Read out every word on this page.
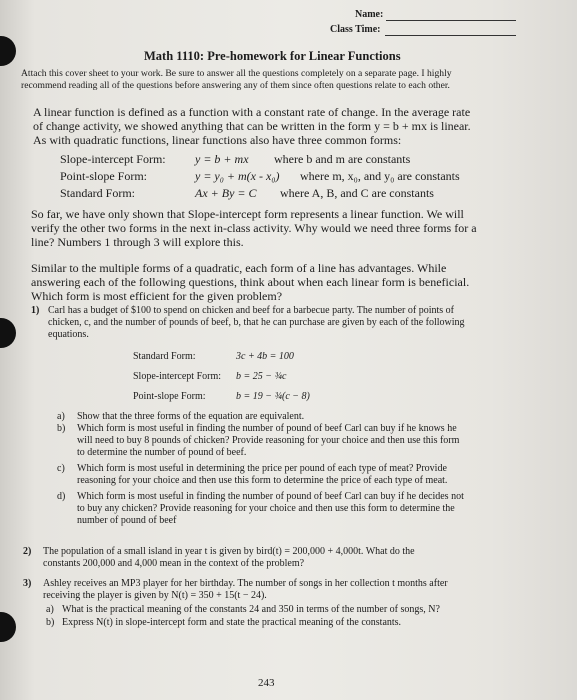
Name:
Class Time:
Math 1110: Pre-homework for Linear Functions
Attach this cover sheet to your work. Be sure to answer all the questions completely on a separate page. I highly
recommend reading all of the questions before answering any of them since often questions relate to each other.
A linear function is defined as a function with a constant rate of change. In the average rate
of change activity, we showed anything that can be written in the form y = b + mx is linear.
As with quadratic functions, linear functions also have three common forms:
Slope-intercept Form: y = b + mx where b and m are constants
Point-slope Form:	y = y₀ + m(x - x₀) where m, x₀, and y₀ are constants
Standard Form:	Ax + By = C where A, B, and C are constants
So far, we have only shown that Slope-intercept form represents a linear function. We will
verify the other two forms in the next in-class activity. Why would we need three forms for a
line? Numbers 1 through 3 will explore this.
Similar to the multiple forms of a quadratic, each form of a line has advantages. While
answering each of the following questions, think about when each linear form is beneficial.
Which form is most efficient for the given problem?
1) Carl has a budget of $100 to spend on chicken and beef for a barbecue party. The number of points of
chicken, c, and the number of pounds of beef, b, that he can purchase are given by each of the following
equations.
Standard Form:	3c + 4b = 100
Slope-intercept Form: b = 25 − ¾c
Point-slope Form:	b = 19 − ¾(c − 8)
a) Show that the three forms of the equation are equivalent.
b) Which form is most useful in finding the number of pound of beef Carl can buy if he knows he
will need to buy 8 pounds of chicken? Provide reasoning for your choice and then use this form
to determine the number of pound of beef.
c) Which form is most useful in determining the price per pound of each type of meat? Provide
reasoning for your choice and then use this form to determine the price of each type of meat.
d) Which form is most useful in finding the number of pound of beef Carl can buy if he decides not
to buy any chicken? Provide reasoning for your choice and then use this form to determine the
number of pound of beef
2) The population of a small island in year t is given by bird(t) = 200,000 + 4,000t. What do the
constants 200,000 and 4,000 mean in the context of the problem?
3) Ashley receives an MP3 player for her birthday. The number of songs in her collection t months after
receiving the player is given by N(t) = 350 + 15(t − 24).
a) What is the practical meaning of the constants 24 and 350 in terms of the number of songs, N?
b) Express N(t) in slope-intercept form and state the practical meaning of the constants.
243
